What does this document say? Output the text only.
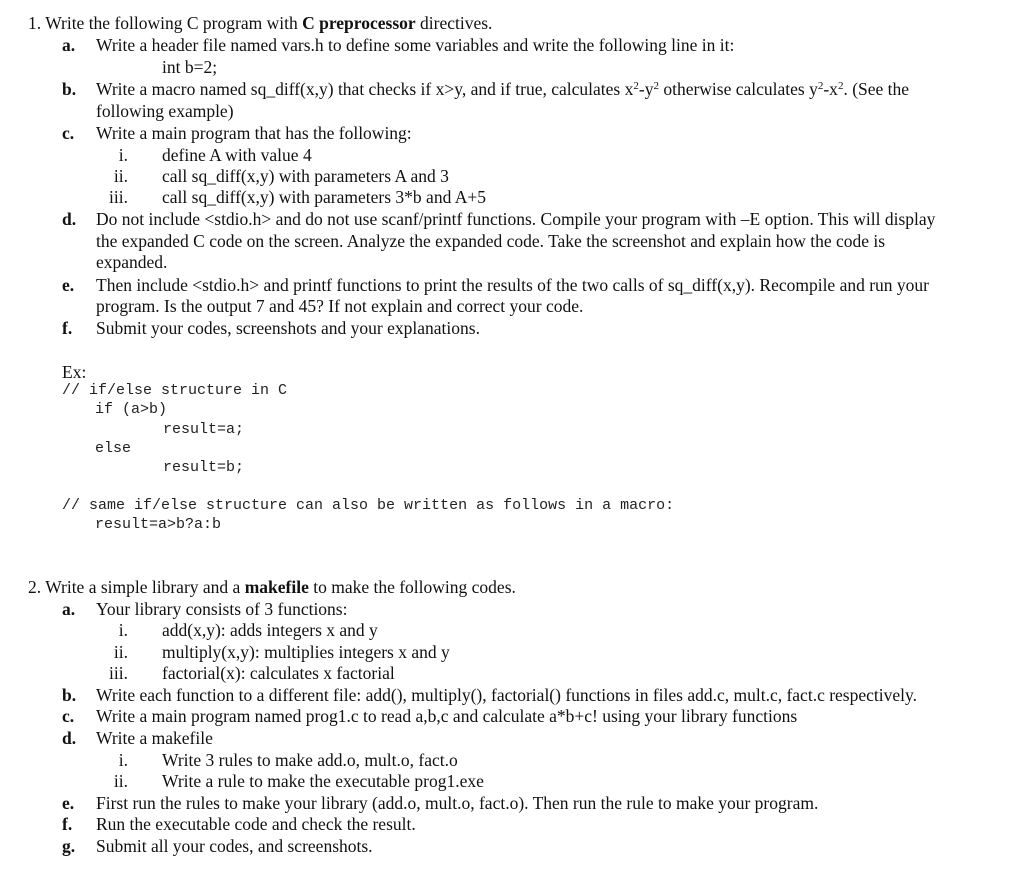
1. Write the following C program with C preprocessor directives.
a. Write a header file named vars.h to define some variables and write the following line in it:
int b=2;
b. Write a macro named sq_diff(x,y) that checks if x>y, and if true, calculates $x^2-y^2$ otherwise calculates $y^2-x^2$. (See the
following example)
c. Write a main program that has the following:
i. define A with value 4
ii. call sq_diff(x,y) with parameters A and 3
iii. call sq_diff(x,y) with parameters 3*b and A+5
d. Do not include <stdio.h> and do not use scanf/printf functions. Compile your program with –E option. This will display
the expanded C code on the screen. Analyze the expanded code. Take the screenshot and explain how the code is
expanded.
e. Then include <stdio.h> and printf functions to print the results of the two calls of sq_diff(x,y). Recompile and run your
program. Is the output 7 and 45? If not explain and correct your code.
f. Submit your codes, screenshots and your explanations.
Ex:
// if/else structure in C
if (a>b)
result=a;
else
result=b;
// same if/else structure can also be written as follows in a macro:
result=a>b?a:b
2. Write a simple library and a makefile to make the following codes.
a. Your library consists of 3 functions:
i. add(x,y): adds integers x and y
ii. multiply(x,y): multiplies integers x and y
iii. factorial(x): calculates x factorial
b. Write each function to a different file: add(), multiply(), factorial() functions in files add.c, mult.c, fact.c respectively.
c. Write a main program named prog1.c to read a,b,c and calculate a*b+c! using your library functions
d. Write a makefile
i. Write 3 rules to make add.o, mult.o, fact.o
ii. Write a rule to make the executable prog1.exe
e. First run the rules to make your library (add.o, mult.o, fact.o). Then run the rule to make your program.
f. Run the executable code and check the result.
g. Submit all your codes, and screenshots.
